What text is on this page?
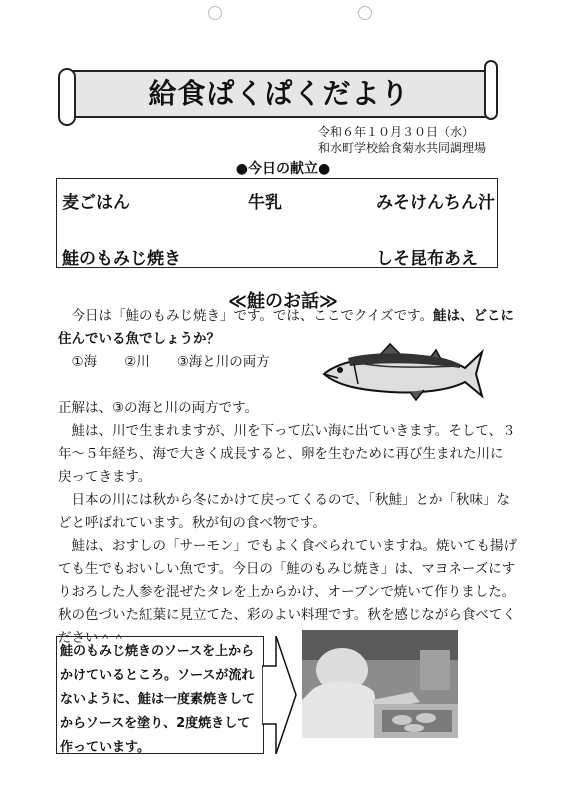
給食ぱくぱくだより
令和６年１０月３０日（水）
和水町学校給食菊水共同調理場
●今日の献立●
麦ごはん	牛乳	みそけんちん汁
鮭のもみじ焼き	しそ昆布あえ
≪鮭のお話≫
　今日は「鮭のもみじ焼き」です。では、ここでクイズです。鮭は、どこに
住んでいる魚でしょうか？
　①海　　②川　　③海と川の両方
正解は、③の海と川の両方です。
　鮭は、川で生まれますが、川を下って広い海に出ていきます。そして、３
年～５年経ち、海で大きく成長すると、卵を生むために再び生まれた川に
戻ってきます。
　日本の川には秋から冬にかけて戻ってくるので、「秋鮭」とか「秋味」な
どと呼ばれています。秋が旬の食べ物です。
　鮭は、おすしの「サーモン」でもよく食べられていますね。焼いても揚げ
ても生でもおいしい魚です。今日の「鮭のもみじ焼き」は、マヨネーズにす
りおろした人参を混ぜたタレを上からかけ、オーブンで焼いて作りました。
秋の色づいた紅葉に見立てた、彩のよい料理です。秋を感じながら食べてく
ださい＾＾
鮭のもみじ焼きのソースを上から
かけているところ。ソースが流れ
ないように、鮭は一度素焼きして
からソースを塗り、2度焼きして
作っています。
